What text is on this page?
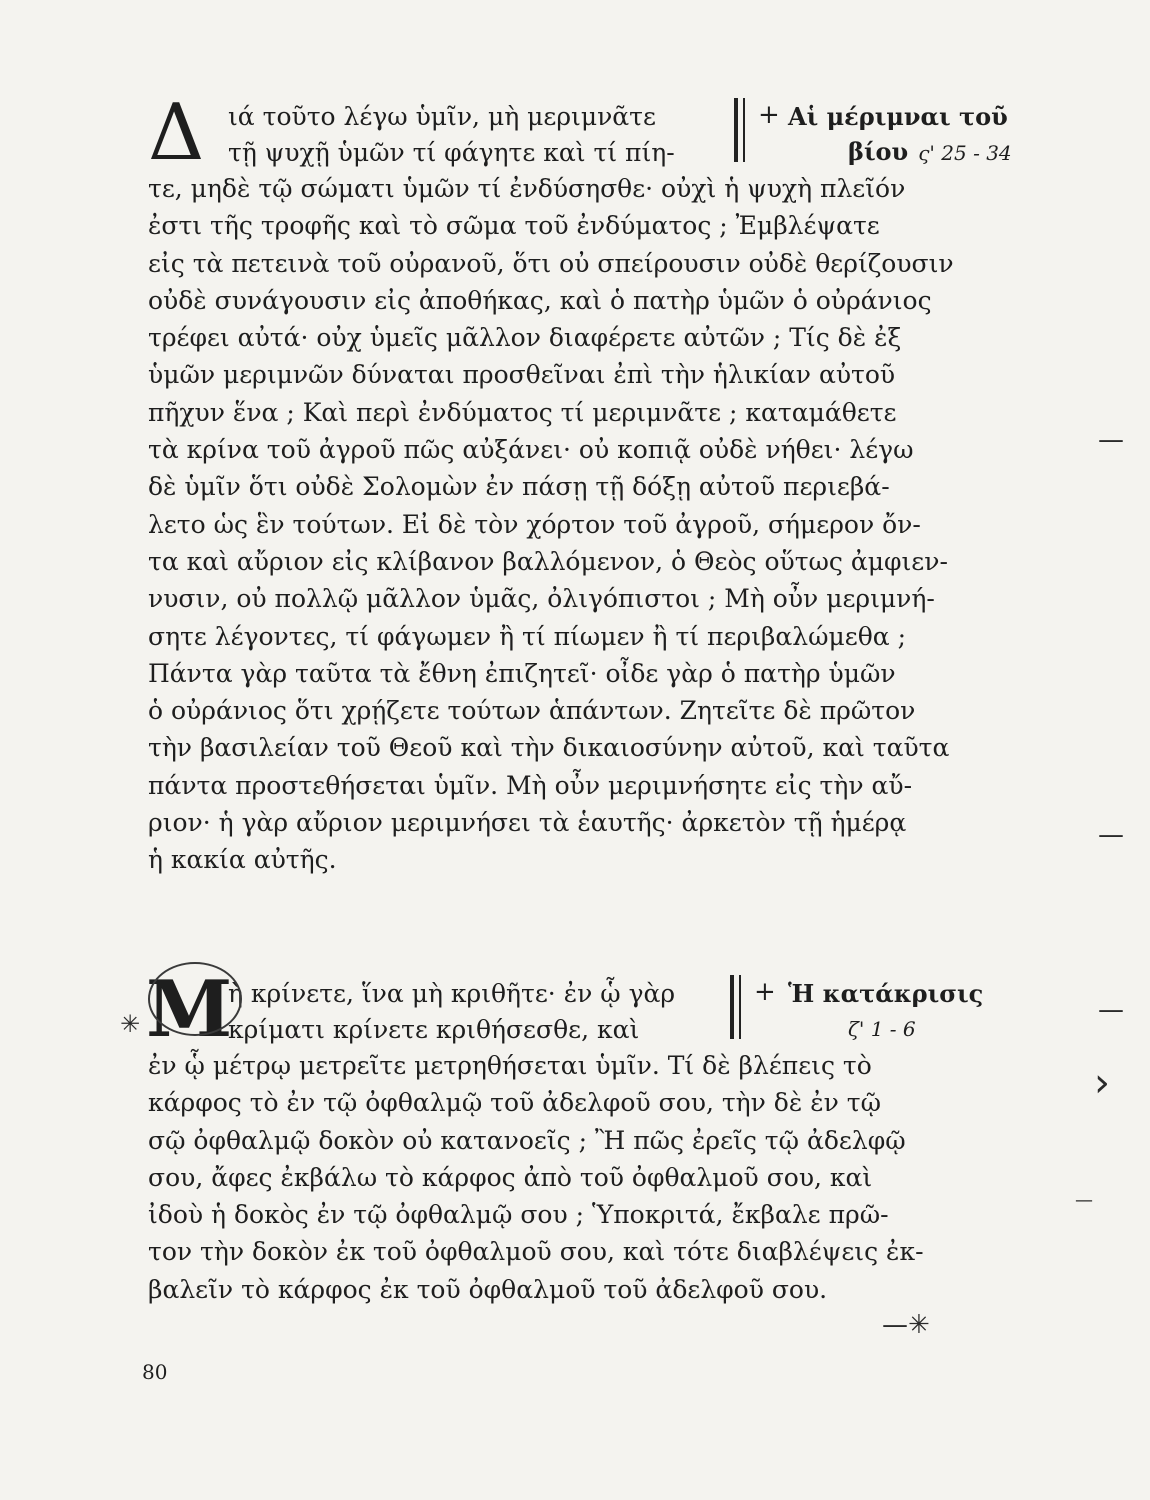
Δ ιά τοῦτο λέγω ὑμῖν, μὴ μεριμνᾶτε
τῇ ψυχῇ ὑμῶν τί φάγητε καὶ τί πίη-
+ Αἱ μέριμναι τοῦ
βίου ς' 25 - 34
τε, μηδὲ τῷ σώματι ὑμῶν τί ἐνδύσησθε· οὐχὶ ἡ ψυχὴ πλεῖόν
ἐστι τῆς τροφῆς καὶ τὸ σῶμα τοῦ ἐνδύματος ; Ἐμβλέψατε
εἰς τὰ πετεινὰ τοῦ οὐρανοῦ, ὅτι οὐ σπείρουσιν οὐδὲ θερίζουσιν
οὐδὲ συνάγουσιν εἰς ἀποθήκας, καὶ ὁ πατὴρ ὑμῶν ὁ οὐράνιος
τρέφει αὐτά· οὐχ ὑμεῖς μᾶλλον διαφέρετε αὐτῶν ; Τίς δὲ ἐξ
ὑμῶν μεριμνῶν δύναται προσθεῖναι ἐπὶ τὴν ἡλικίαν αὐτοῦ
πῆχυν ἕνα ; Καὶ περὶ ἐνδύματος τί μεριμνᾶτε ; καταμάθετε
τὰ κρίνα τοῦ ἀγροῦ πῶς αὐξάνει· οὐ κοπιᾷ οὐδὲ νήθει· λέγω
δὲ ὑμῖν ὅτι οὐδὲ Σολομὼν ἐν πάσῃ τῇ δόξῃ αὐτοῦ περιεβά-
λετο ὡς ἓν τούτων. Εἰ δὲ τὸν χόρτον τοῦ ἀγροῦ, σήμερον ὄν-
τα καὶ αὔριον εἰς κλίβανον βαλλόμενον, ὁ Θεὸς οὕτως ἀμφιεν-
νυσιν, οὐ πολλῷ μᾶλλον ὑμᾶς, ὀλιγόπιστοι ; Μὴ οὖν μεριμνή-
σητε λέγοντες, τί φάγωμεν ἢ τί πίωμεν ἢ τί περιβαλώμεθα ;
Πάντα γὰρ ταῦτα τὰ ἔθνη ἐπιζητεῖ· οἶδε γὰρ ὁ πατὴρ ὑμῶν
ὁ οὐράνιος ὅτι χρῄζετε τούτων ἁπάντων. Ζητεῖτε δὲ πρῶτον
τὴν βασιλείαν τοῦ Θεοῦ καὶ τὴν δικαιοσύνην αὐτοῦ, καὶ ταῦτα
πάντα προστεθήσεται ὑμῖν. Μὴ οὖν μεριμνήσητε εἰς τὴν αὔ-
ριον· ἡ γὰρ αὔριον μεριμνήσει τὰ ἑαυτῆς· ἀρκετὸν τῇ ἡμέρᾳ
ἡ κακία αὐτῆς.
Μ
ὴ κρίνετε, ἵνα μὴ κριθῆτε· ἐν ᾧ γὰρ
κρίματι κρίνετε κριθήσεσθε, καὶ
+ Ἡ κατάκρισις
ζ' 1 - 6
ἐν ᾧ μέτρῳ μετρεῖτε μετρηθήσεται ὑμῖν. Τί δὲ βλέπεις τὸ
κάρφος τὸ ἐν τῷ ὀφθαλμῷ τοῦ ἀδελφοῦ σου, τὴν δὲ ἐν τῷ
σῷ ὀφθαλμῷ δοκὸν οὐ κατανοεῖς ; Ἢ πῶς ἐρεῖς τῷ ἀδελφῷ
σου, ἄφες ἐκβάλω τὸ κάρφος ἀπὸ τοῦ ὀφθαλμοῦ σου, καὶ
ἰδοὺ ἡ δοκὸς ἐν τῷ ὀφθαλμῷ σου ; Ὑποκριτά, ἔκβαλε πρῶ-
τον τὴν δοκὸν ἐκ τοῦ ὀφθαλμοῦ σου, καὶ τότε διαβλέψεις ἐκ-
βαλεῖν τὸ κάρφος ἐκ τοῦ ὀφθαλμοῦ τοῦ ἀδελφοῦ σου.
—
—
—
›
—
—✳
✳
80
